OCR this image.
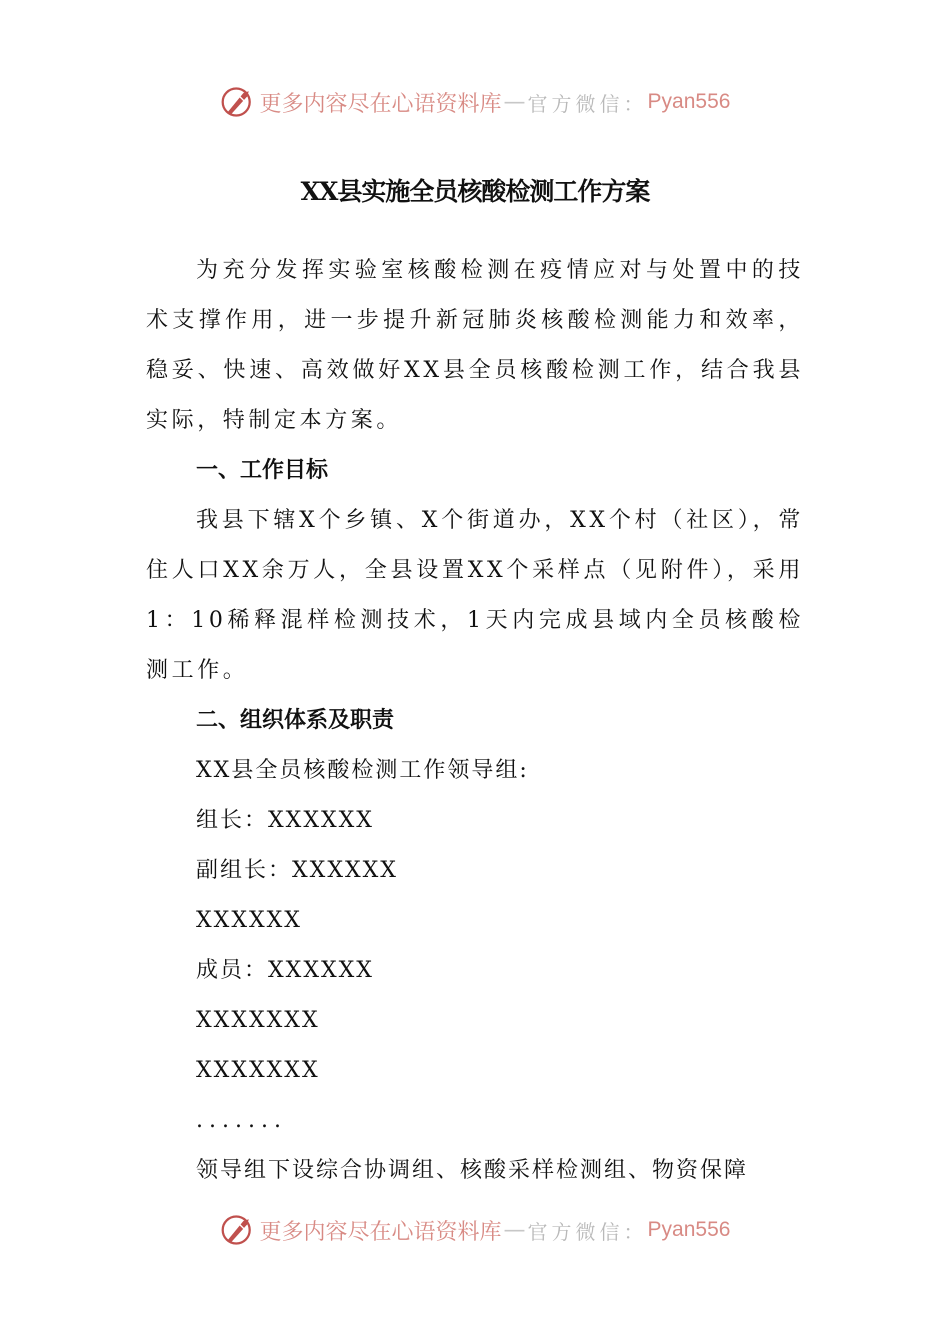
更多内容尽在心语资料库 — 官方微信： Pyan556
XX县实施全员核酸检测工作方案

为充分发挥实验室核酸检测在疫情应对与处置中的技术支撑作用，进一步提升新冠肺炎核酸检测能力和效率，稳妥、快速、高效做好XX县全员核酸检测工作，结合我县实际，特制定本方案。

一、工作目标

我县下辖X个乡镇、X个街道办，XX个村（社区），常住人口XX余万人，全县设置XX个采样点（见附件），采用1：10稀释混样检测技术，1天内完成县域内全员核酸检测工作。

二、组织体系及职责

XX县全员核酸检测工作领导组:

组长：XXXXXX

副组长：XXXXXX

XXXXXX

成员：XXXXXX

XXXXXXX

XXXXXXX

.......

领导组下设综合协调组、核酸采样检测组、物资保障

更多内容尽在心语资料库 — 官方微信： Pyan556
